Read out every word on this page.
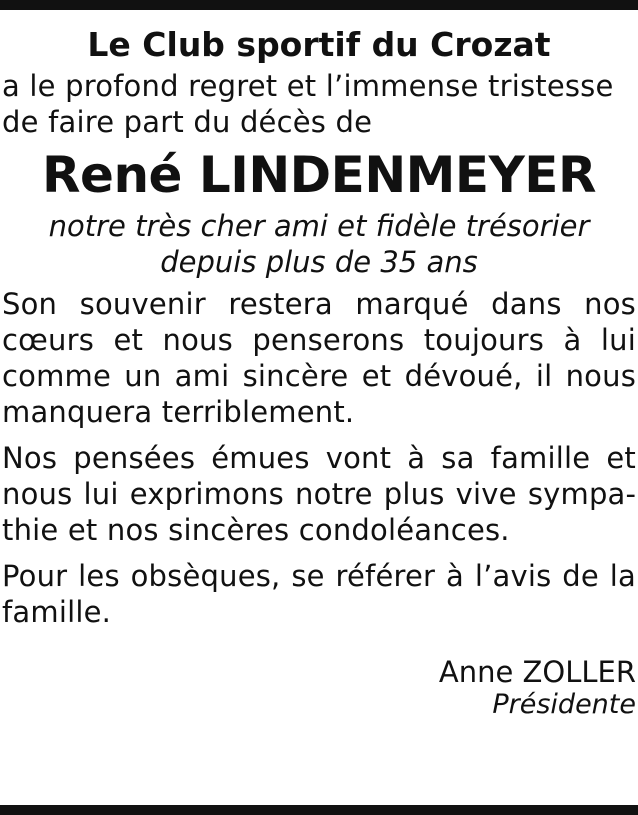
Le Club sportif du Crozat

a le profond regret et l’immense tristesse

de faire part du décès de

René LINDENMEYER

notre très cher ami et fidèle trésorier

depuis plus de 35 ans

Son souvenir restera marqué dans nos cœurs et nous penserons toujours à lui comme un ami sincère et dévoué, il nous manquera terriblement.

Nos pensées émues vont à sa famille et nous lui exprimons notre plus vive sympathie et nos sincères condoléances.

Pour les obsèques, se référer à l’avis de la famille.

Anne ZOLLER
Présidente
